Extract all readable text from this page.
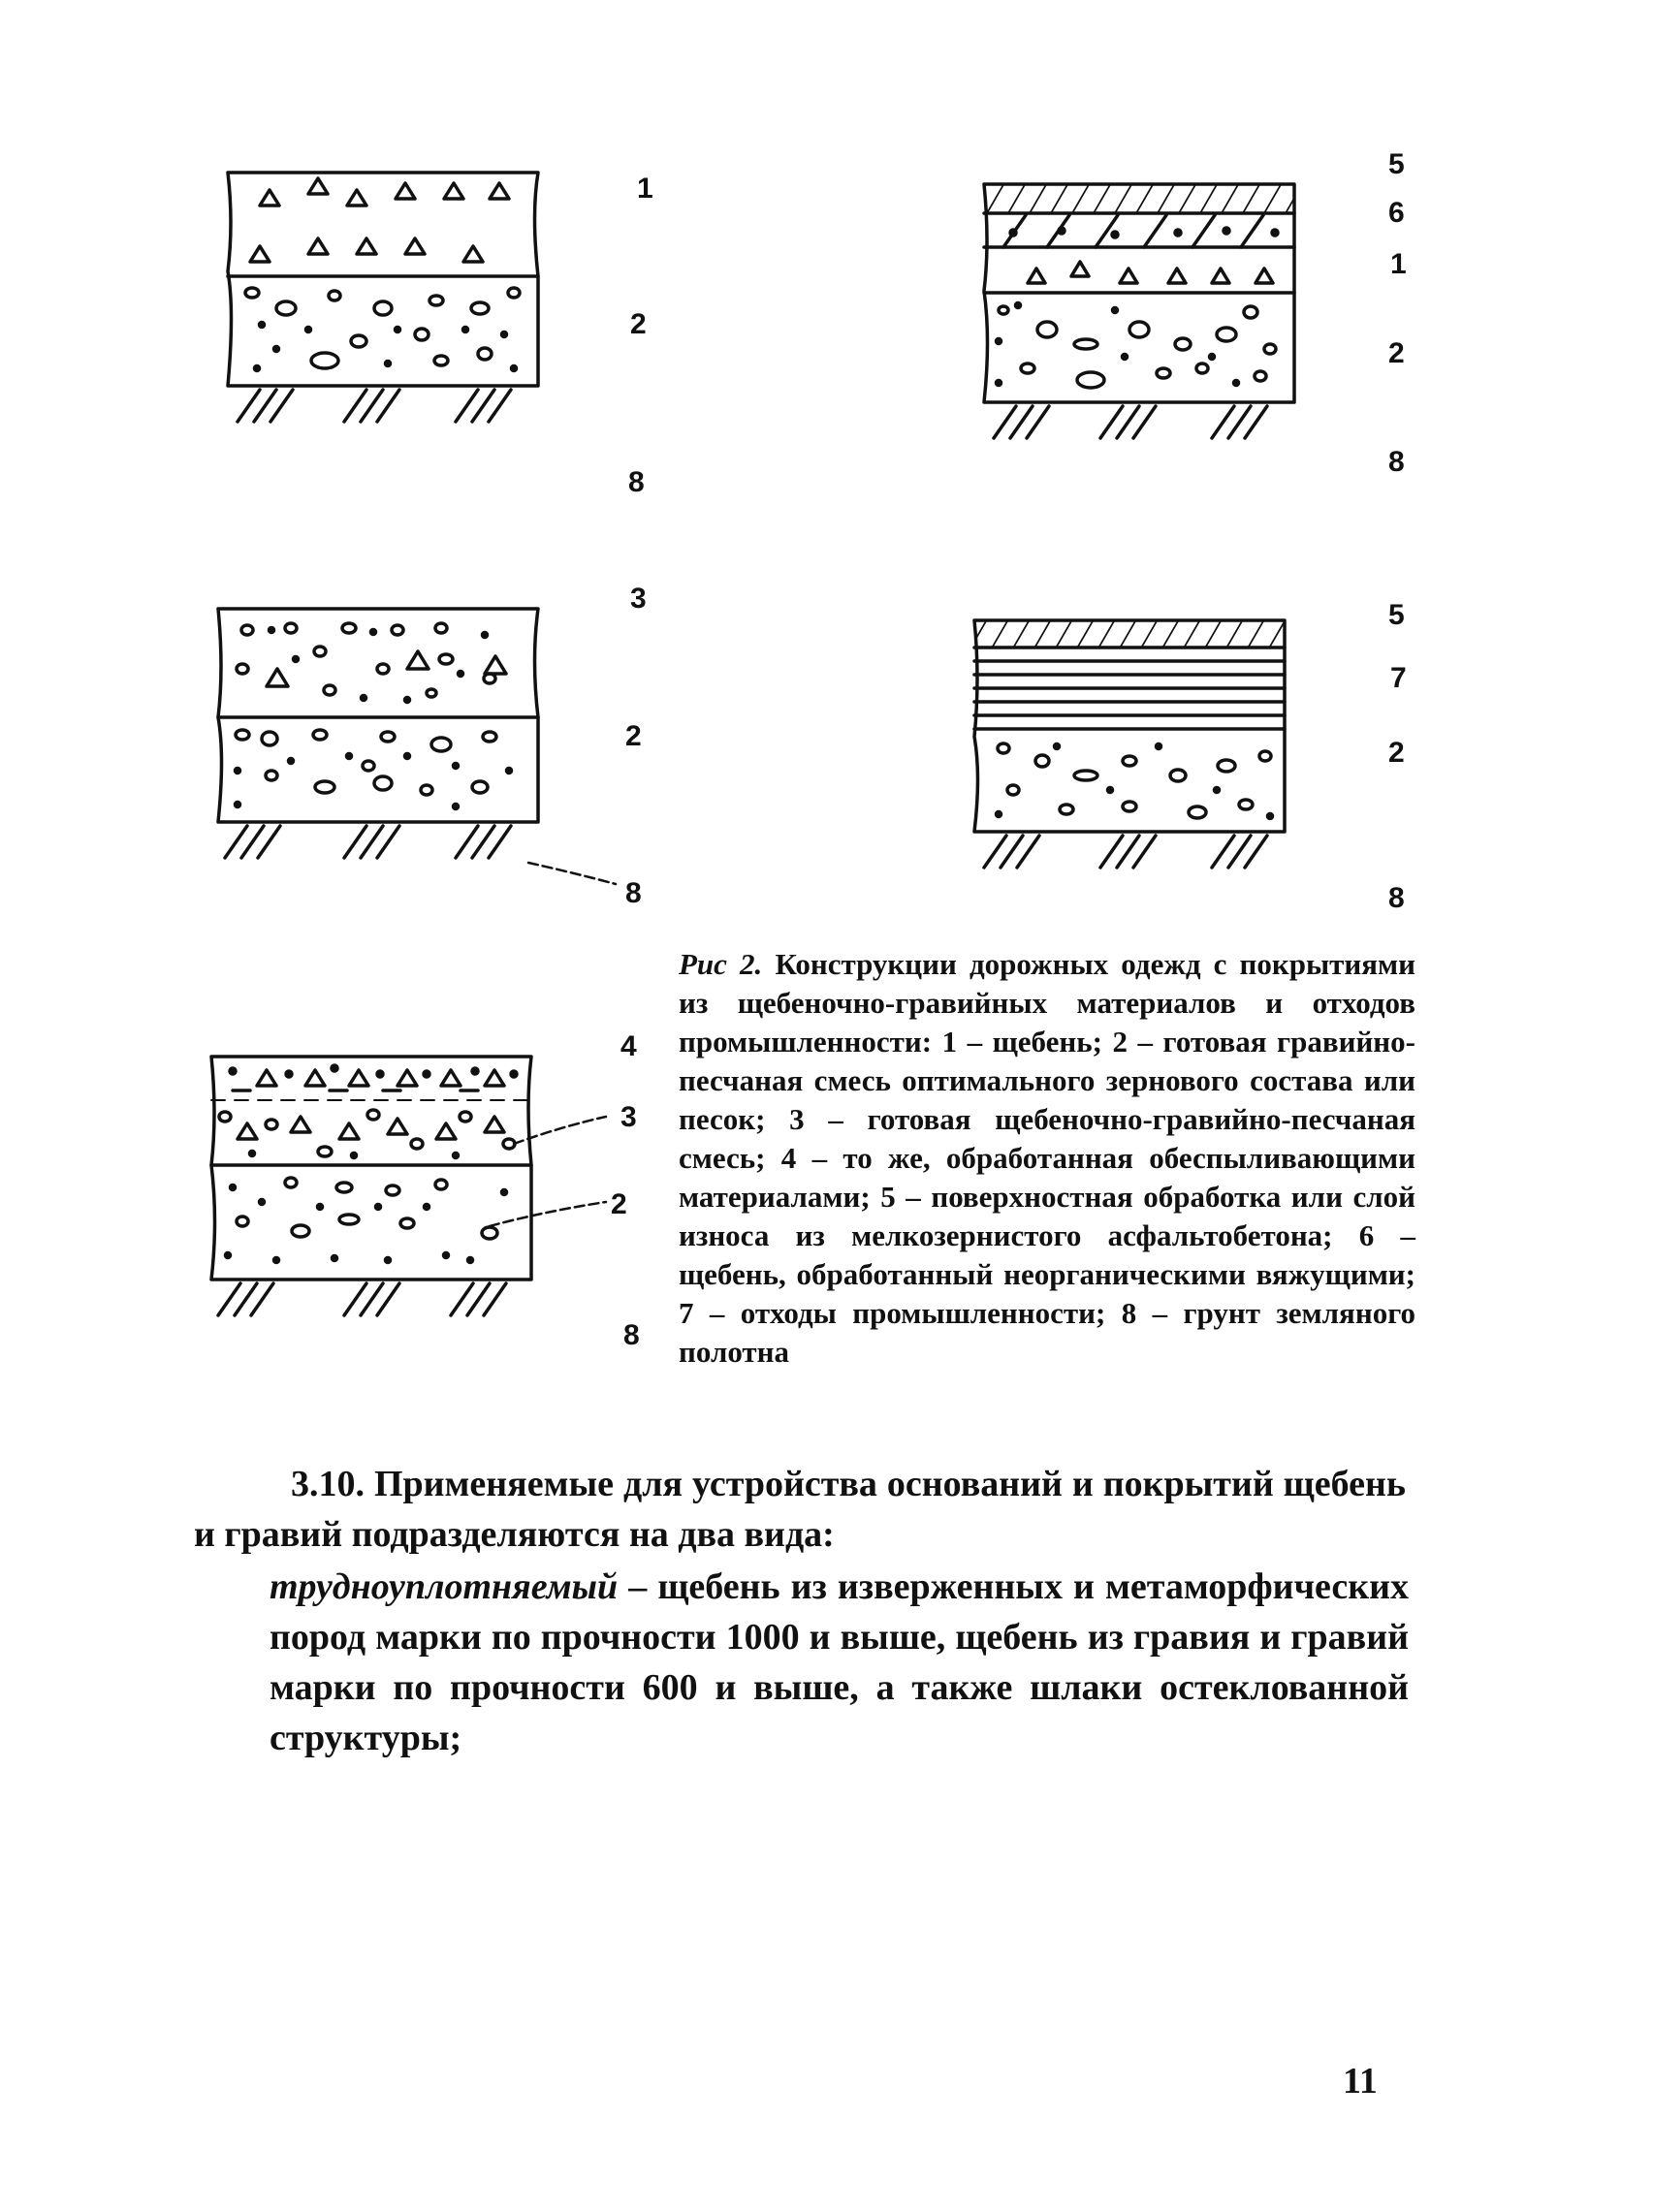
1
2
8
5
6
1
2
8
3
2
8
5
7
2
8
4
3
2
8
Рис 2. Конструкции дорожных одежд с покрытиями из щебеночно-гравийных материалов и отходов промышленности: 1 – щебень; 2 – готовая гравийно-песчаная смесь оптимального зернового состава или песок; 3 – готовая щебеночно-гравийно-песчаная смесь; 4 – то же, обработанная обеспыливающими материалами; 5 – поверхностная обработка или слой износа из мелкозернистого асфальтобетона; 6 – щебень, обработанный неорганическими вяжущими; 7 – отходы промышленности; 8 – грунт земляного полотна
3.10. Применяемые для устройства оснований и покрытий щебень и гравий подразделяются на два вида:
трудноуплотняемый – щебень из изверженных и метаморфических пород марки по прочности 1000 и выше, щебень из гравия и гравий марки по прочности 600 и выше, а также шлаки остеклованной структуры;
11
